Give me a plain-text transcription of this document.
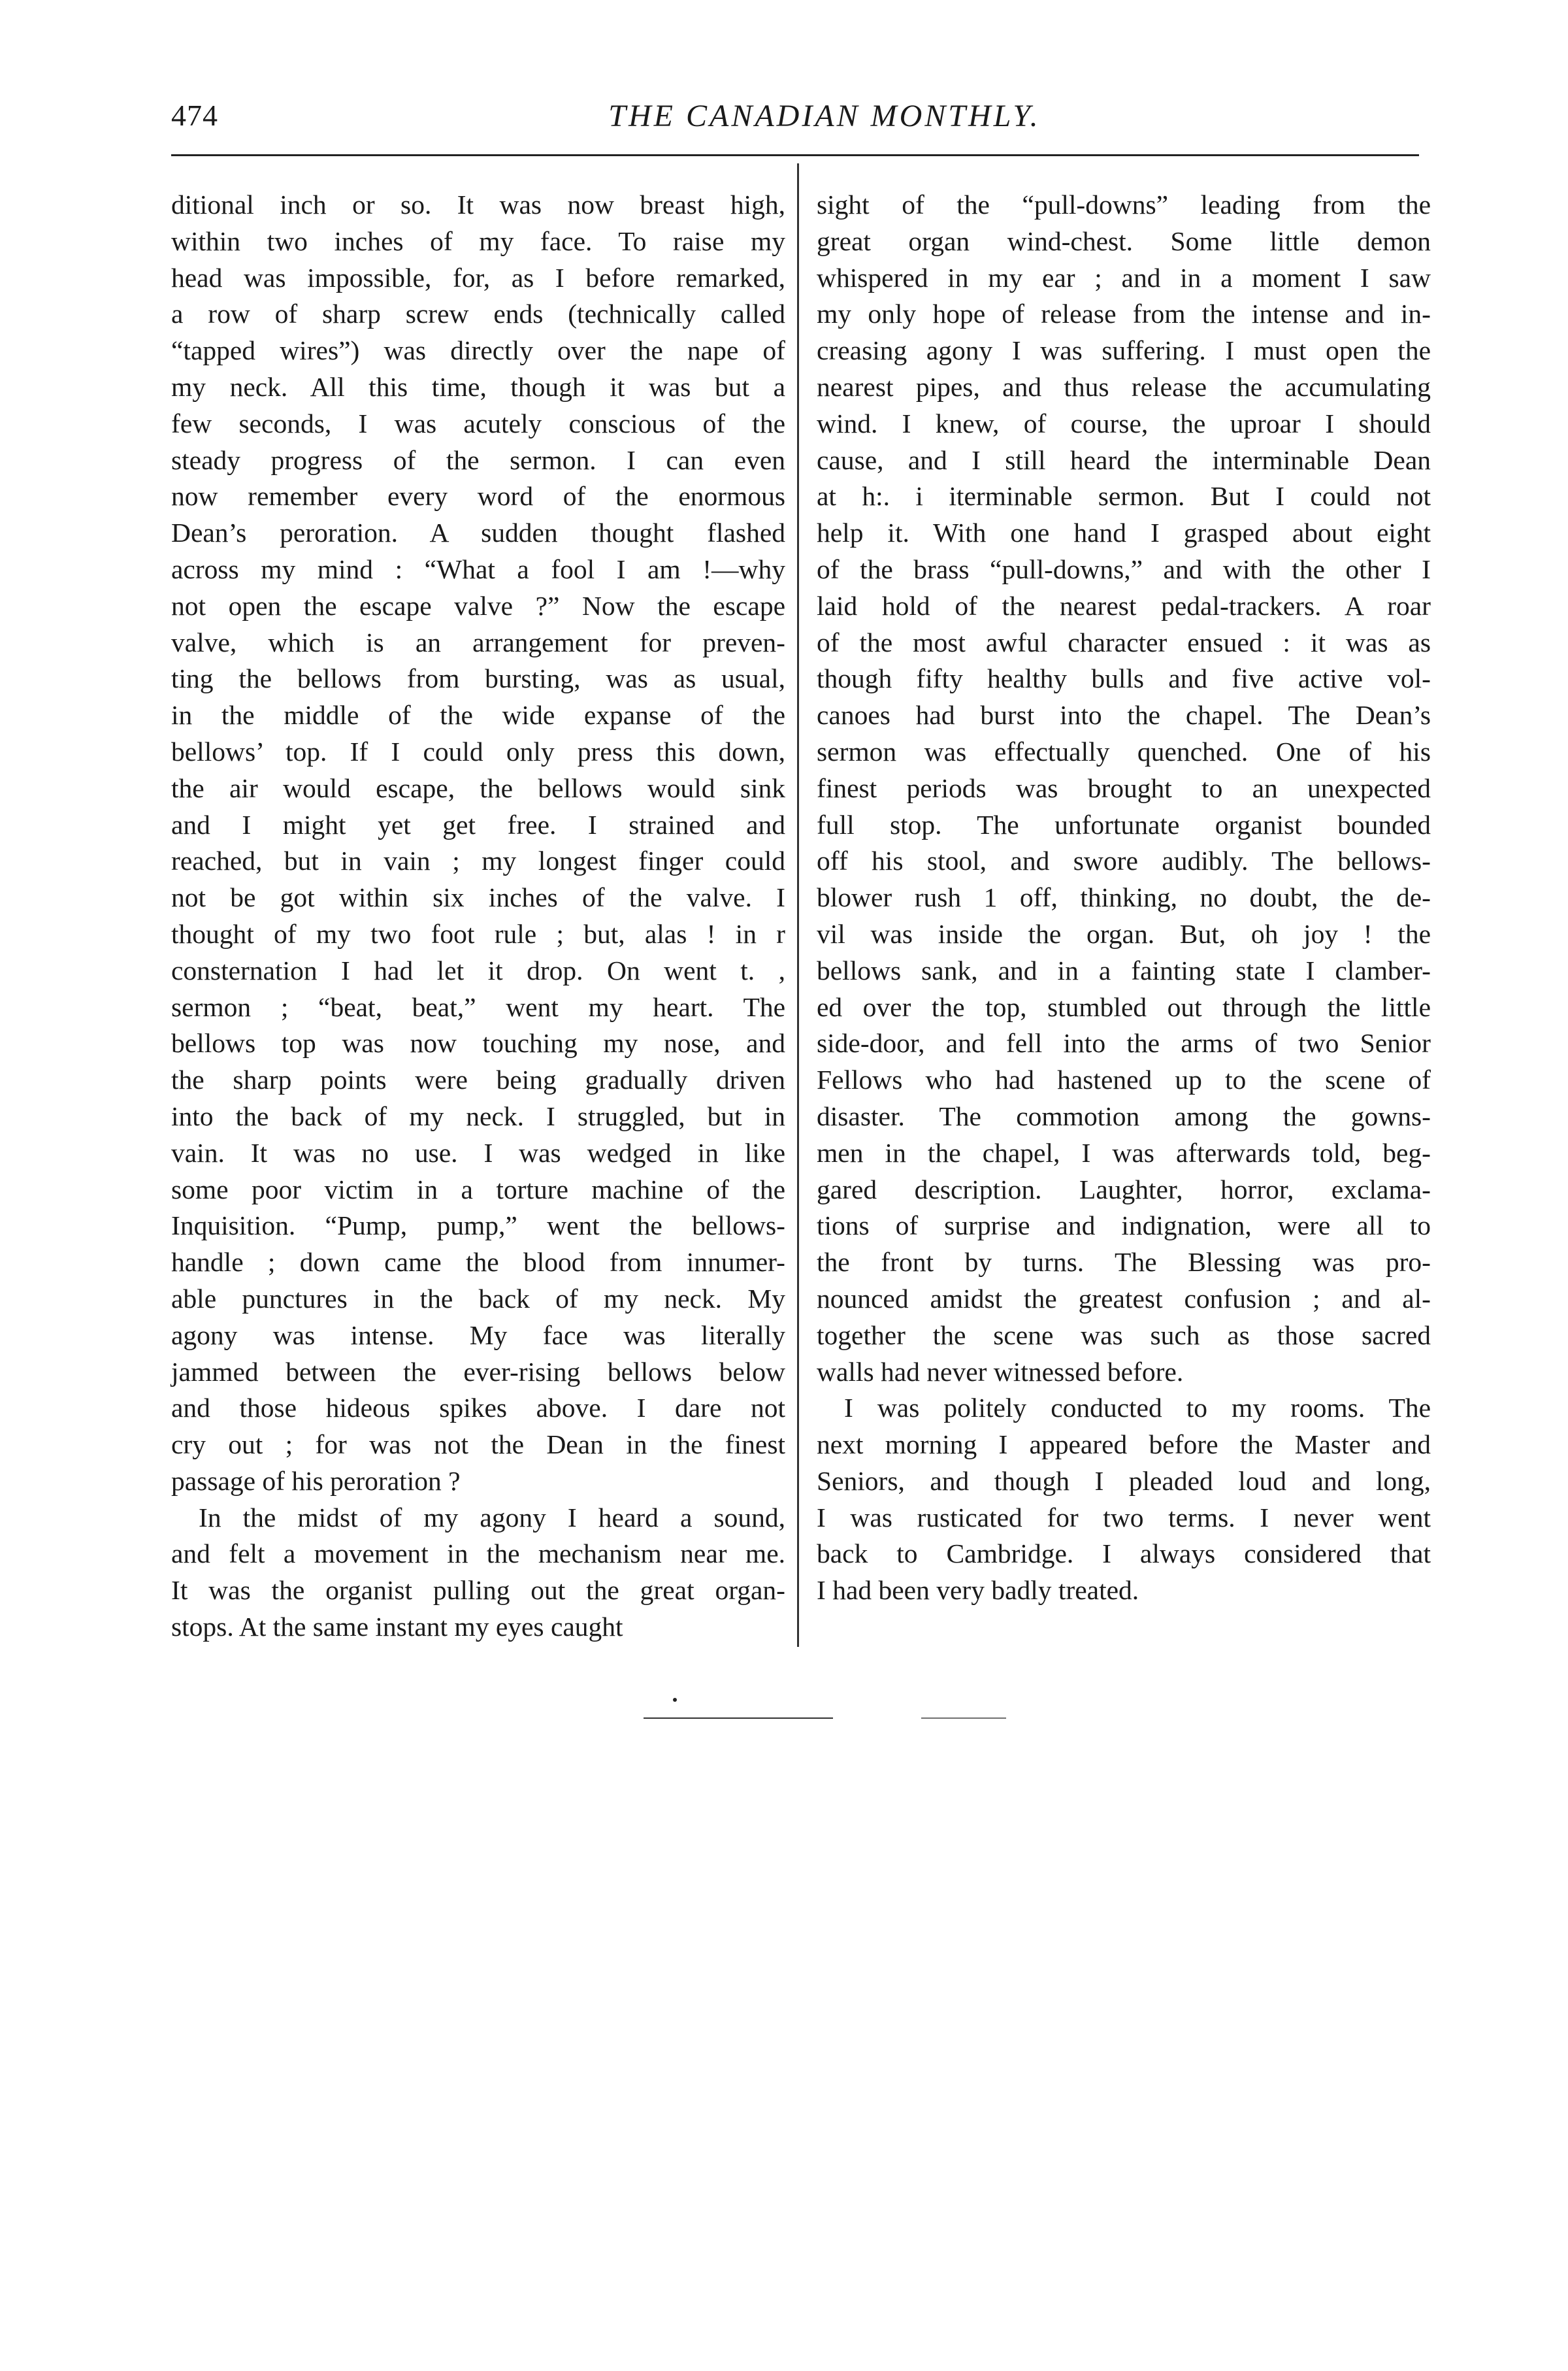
474	THE CANADIAN MONTHLY.
ditional inch or so. It was now breast high,
within two inches of my face. To raise my
head was impossible, for, as I before remarked,
a row of sharp screw ends (technically called
“tapped wires”) was directly over the nape of
my neck. All this time, though it was but a
few seconds, I was acutely conscious of the
steady progress of the sermon. I can even
now remember every word of the enormous
Dean’s peroration. A sudden thought flashed
across my mind : “What a fool I am !—why
not open the escape valve ?” Now the escape
valve, which is an arrangement for preven-
ting the bellows from bursting, was as usual,
in the middle of the wide expanse of the
bellows’ top. If I could only press this down,
the air would escape, the bellows would sink
and I might yet get free. I strained and
reached, but in vain ; my longest finger could
not be got within six inches of the valve. I
thought of my two foot rule ; but, alas ! in r
consternation I had let it drop. On went t. ,
sermon ; “beat, beat,” went my heart. The
bellows top was now touching my nose, and
the sharp points were being gradually driven
into the back of my neck. I struggled, but in
vain. It was no use. I was wedged in like
some poor victim in a torture machine of the
Inquisition. “Pump, pump,” went the bellows-
handle ; down came the blood from innumer-
able punctures in the back of my neck. My
agony was intense. My face was literally
jammed between the ever-rising bellows below
and those hideous spikes above. I dare not
cry out ; for was not the Dean in the finest
passage of his peroration ?
In the midst of my agony I heard a sound,
and felt a movement in the mechanism near me.
It was the organist pulling out the great organ-
stops. At the same instant my eyes caught
sight of the “pull-downs” leading from the
great organ wind-chest. Some little demon
whispered in my ear ; and in a moment I saw
my only hope of release from the intense and in-
creasing agony I was suffering. I must open the
nearest pipes, and thus release the accumulating
wind. I knew, of course, the uproar I should
cause, and I still heard the interminable Dean
at h:. i iterminable sermon. But I could not
help it. With one hand I grasped about eight
of the brass “pull-downs,” and with the other I
laid hold of the nearest pedal-trackers. A roar
of the most awful character ensued : it was as
though fifty healthy bulls and five active vol-
canoes had burst into the chapel. The Dean’s
sermon was effectually quenched. One of his
finest periods was brought to an unexpected
full stop. The unfortunate organist bounded
off his stool, and swore audibly. The bellows-
blower rush 1 off, thinking, no doubt, the de-
vil was inside the organ. But, oh joy ! the
bellows sank, and in a fainting state I clamber-
ed over the top, stumbled out through the little
side-door, and fell into the arms of two Senior
Fellows who had hastened up to the scene of
disaster. The commotion among the gowns-
men in the chapel, I was afterwards told, beg-
gared description. Laughter, horror, exclama-
tions of surprise and indignation, were all to
the front by turns. The Blessing was pro-
nounced amidst the greatest confusion ; and al-
together the scene was such as those sacred
walls had never witnessed before.
I was politely conducted to my rooms. The
next morning I appeared before the Master and
Seniors, and though I pleaded loud and long,
I was rusticated for two terms. I never went
back to Cambridge. I always considered that
I had been very badly treated.
